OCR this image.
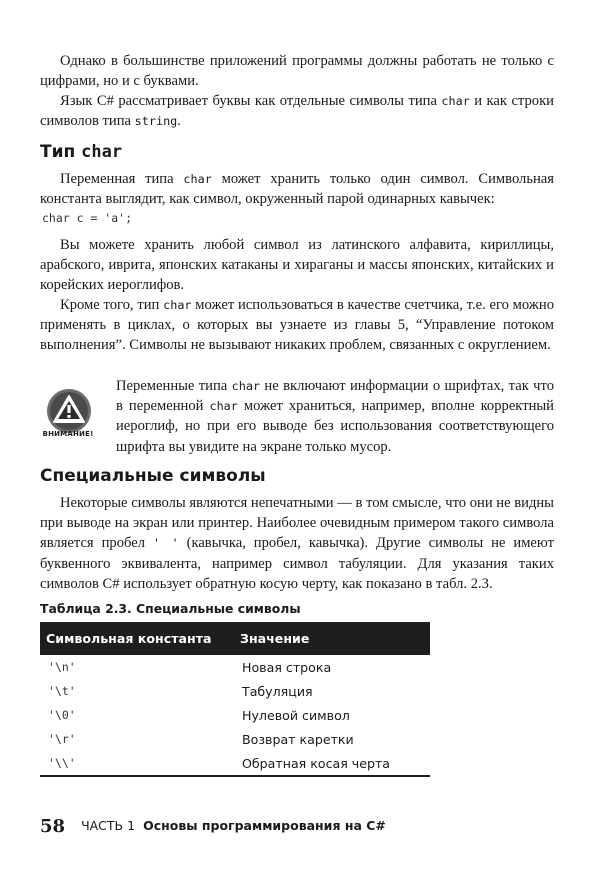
Однако в большинстве приложений программы должны работать не только с цифрами, но и с буквами.

Язык C# рассматривает буквы как отдельные символы типа char и как строки символов типа string.

Тип char

Переменная типа char может хранить только один символ. Символьная константа выглядит, как символ, окруженный парой одинарных кавычек:

char c = 'a';

Вы можете хранить любой символ из латинского алфавита, кириллицы, арабского, иврита, японских катаканы и хираганы и массы японских, китайских и корейских иероглифов.

Кроме того, тип char может использоваться в качестве счетчика, т.е. его можно применять в циклах, о которых вы узнаете из главы 5, “Управление потоком выполнения”. Символы не вызывают никаких проблем, связанных с округлением.

ВНИМАНИЕ!

Переменные типа char не включают информации о шрифтах, так что в переменной char может храниться, например, вполне корректный иероглиф, но при его выводе без использования соответствующего шрифта вы увидите на экране только мусор.

Специальные символы

Некоторые символы являются непечатными — в том смысле, что они не видны при выводе на экран или принтер. Наиболее очевидным примером такого символа является пробел ' ' (кавычка, пробел, кавычка). Другие символы не имеют буквенного эквивалента, например символ табуляции. Для указания таких символов C# использует обратную косую черту, как показано в табл. 2.3.

Таблица 2.3. Специальные символы
Символьная константа	Значение
'\n'	Новая строка
'\t'	Табуляция
'\0'	Нулевой символ
'\r'	Возврат каретки
'\\'	Обратная косая черта
58 ЧАСТЬ 1 Основы программирования на C#
